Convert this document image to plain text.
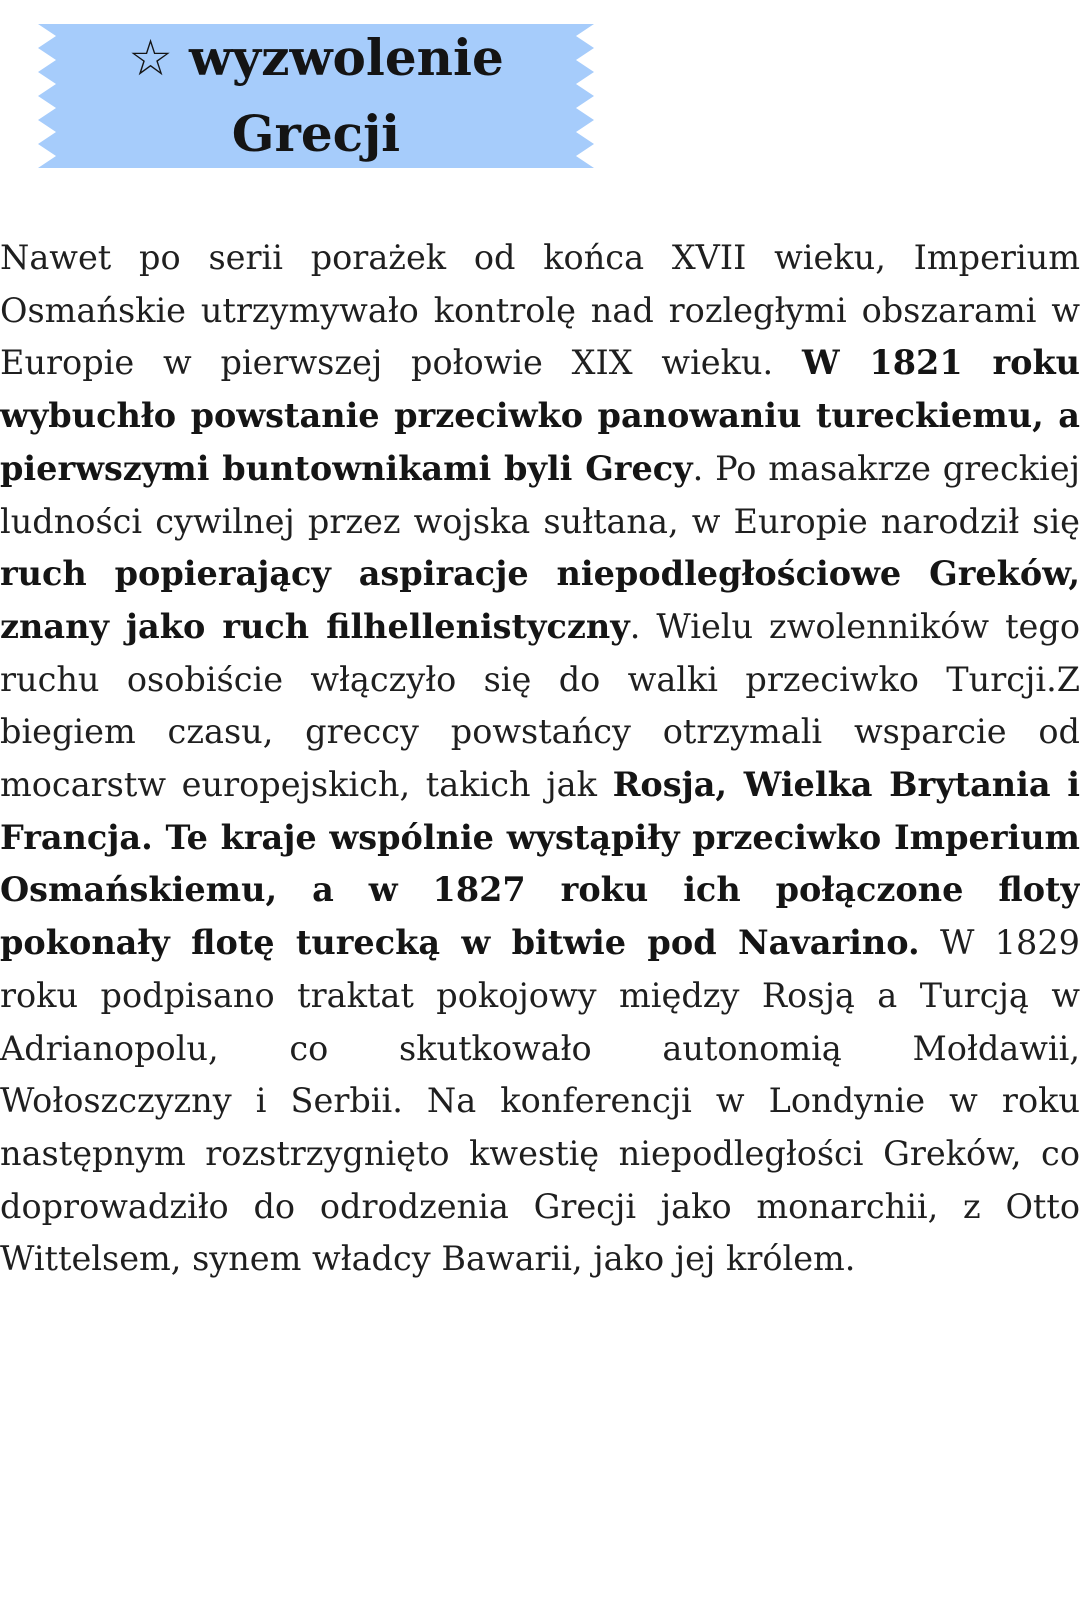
☆ wyzwolenie Grecji

Nawet po serii porażek od końca XVII wieku, Imperium Osmańskie utrzymywało kontrolę nad rozległymi obszarami w Europie w pierwszej połowie XIX wieku. W 1821 roku wybuchło powstanie przeciwko panowaniu tureckiemu, a pierwszymi buntownikami byli Grecy. Po masakrze greckiej ludności cywilnej przez wojska sułtana, w Europie narodził się ruch popierający aspiracje niepodległościowe Greków, znany jako ruch filhellenistyczny. Wielu zwolenników tego ruchu osobiście włączyło się do walki przeciwko Turcji.Z biegiem czasu, greccy powstańcy otrzymali wsparcie od mocarstw europejskich, takich jak Rosja, Wielka Brytania i Francja. Te kraje wspólnie wystąpiły przeciwko Imperium Osmańskiemu, a w 1827 roku ich połączone floty pokonały flotę turecką w bitwie pod Navarino. W 1829 roku podpisano traktat pokojowy między Rosją a Turcją w Adrianopolu, co skutkowało autonomią Mołdawii, Wołoszczyzny i Serbii. Na konferencji w Londynie w roku następnym rozstrzygnięto kwestię niepodległości Greków, co doprowadziło do odrodzenia Grecji jako monarchii, z Otto Wittelsem, synem władcy Bawarii, jako jej królem.
